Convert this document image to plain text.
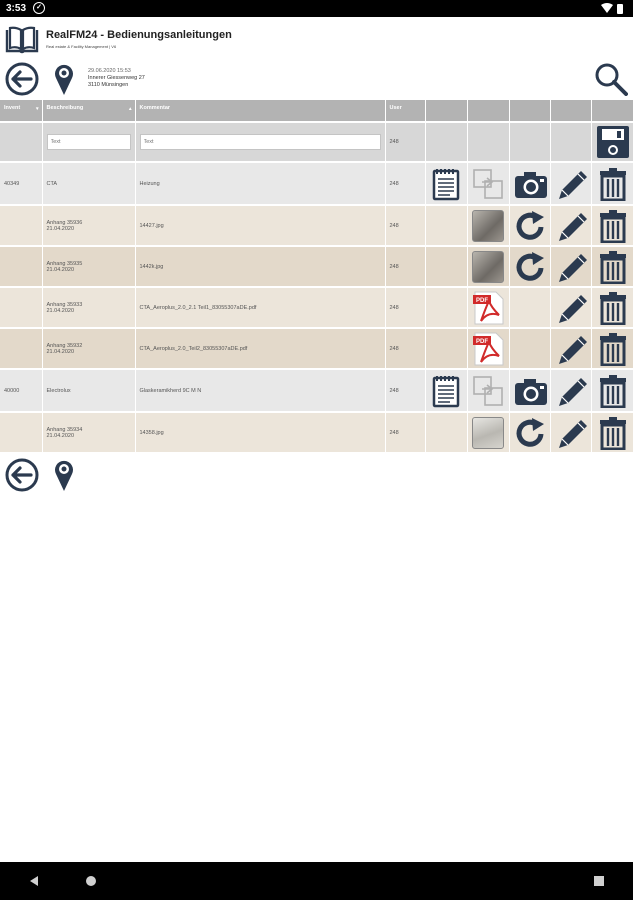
3:53	✓
RealFM24 - Bedienungsanleitungen
Real estate & Facility Management | V6
29.06.2020 15:53
Innerer Giessenweg 27
3110 Münsingen
Invent ▾	Beschreibung ▴	Kommentar	User					
	Text	Text	248					

40349	CTA	Heizung	248	

	Anhang 35936
21.04.2020	14427.jpg	248		

	Anhang 35935
21.04.2020	1442k.jpg	248		

	Anhang 35933
21.04.2020	CTA_Aeroplus_2.0_2.1 Teil1_83055307aDE.pdf	248		

	Anhang 35932
21.04.2020	CTA_Aeroplus_2.0_Teil2_83055307aDE.pdf	248		

40000	Electrolux	Glaskeramikherd 9C M N	248	

	Anhang 35934
21.04.2020	14358.jpg	248		
